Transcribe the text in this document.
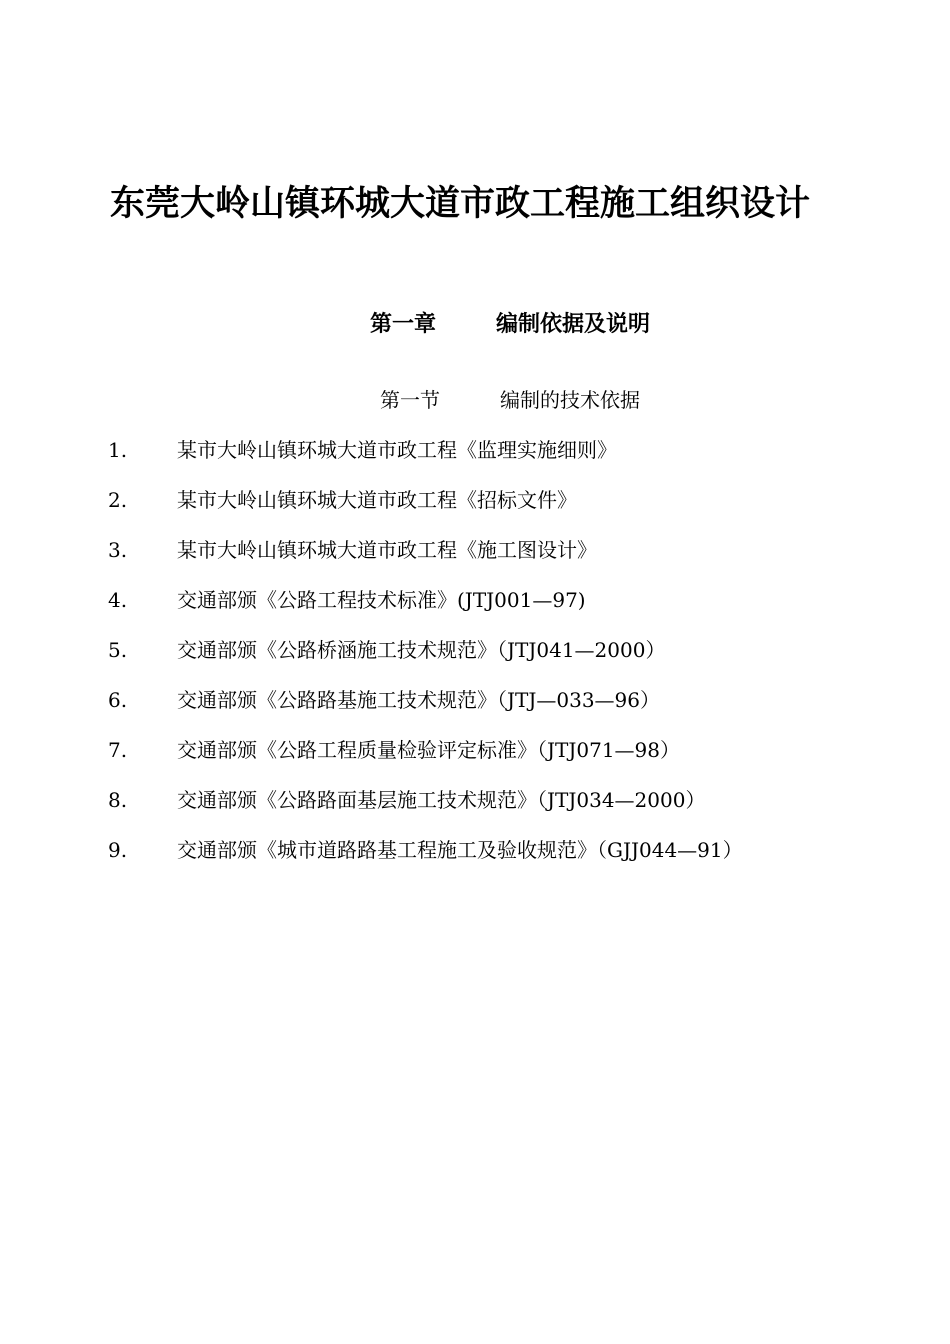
东莞大岭山镇环城大道市政工程施工组织设计
第一章	编制依据及说明
第一节	编制的技术依据
1. 某市大岭山镇环城大道市政工程《监理实施细则》
2. 某市大岭山镇环城大道市政工程《招标文件》
3. 某市大岭山镇环城大道市政工程《施工图设计》
4. 交通部颁《公路工程技术标准》(JTJ001—97)
5. 交通部颁《公路桥涵施工技术规范》（JTJ041—2000）
6. 交通部颁《公路路基施工技术规范》（JTJ—033—96）
7. 交通部颁《公路工程质量检验评定标准》（JTJ071—98）
8. 交通部颁《公路路面基层施工技术规范》（JTJ034—2000）
9. 交通部颁《城市道路路基工程施工及验收规范》（GJJ044—91）
